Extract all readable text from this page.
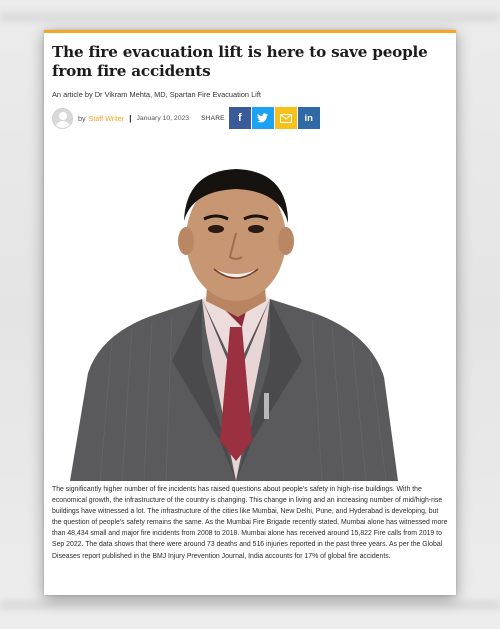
The fire evacuation lift is here to save people from fire accidents
An article by Dr Vikram Mehta, MD, Spartan Fire Evacuation Lift
by Staff Writer | January 10, 2023 SHARE f	in

The significantly higher number of fire incidents has raised questions about people's safety in high-rise buildings. With the economical growth, the infrastructure of the country is changing. This change in living and an increasing number of mid/high-rise buildings have witnessed a lot. The infrastructure of the cities like Mumbai, New Delhi, Pune, and Hyderabad is developing, but the question of people's safety remains the same. As the Mumbai Fire Brigade recently stated, Mumbai alone has witnessed more than 48,434 small and major fire incidents from 2008 to 2018. Mumbai alone has received around 15,822 Fire calls from 2019 to Sep 2022. The data shows that there were around 73 deaths and 516 injuries reported in the past three years. As per the Global Diseases report published in the BMJ Injury Prevention Journal, India accounts for 17% of global fire accidents.
